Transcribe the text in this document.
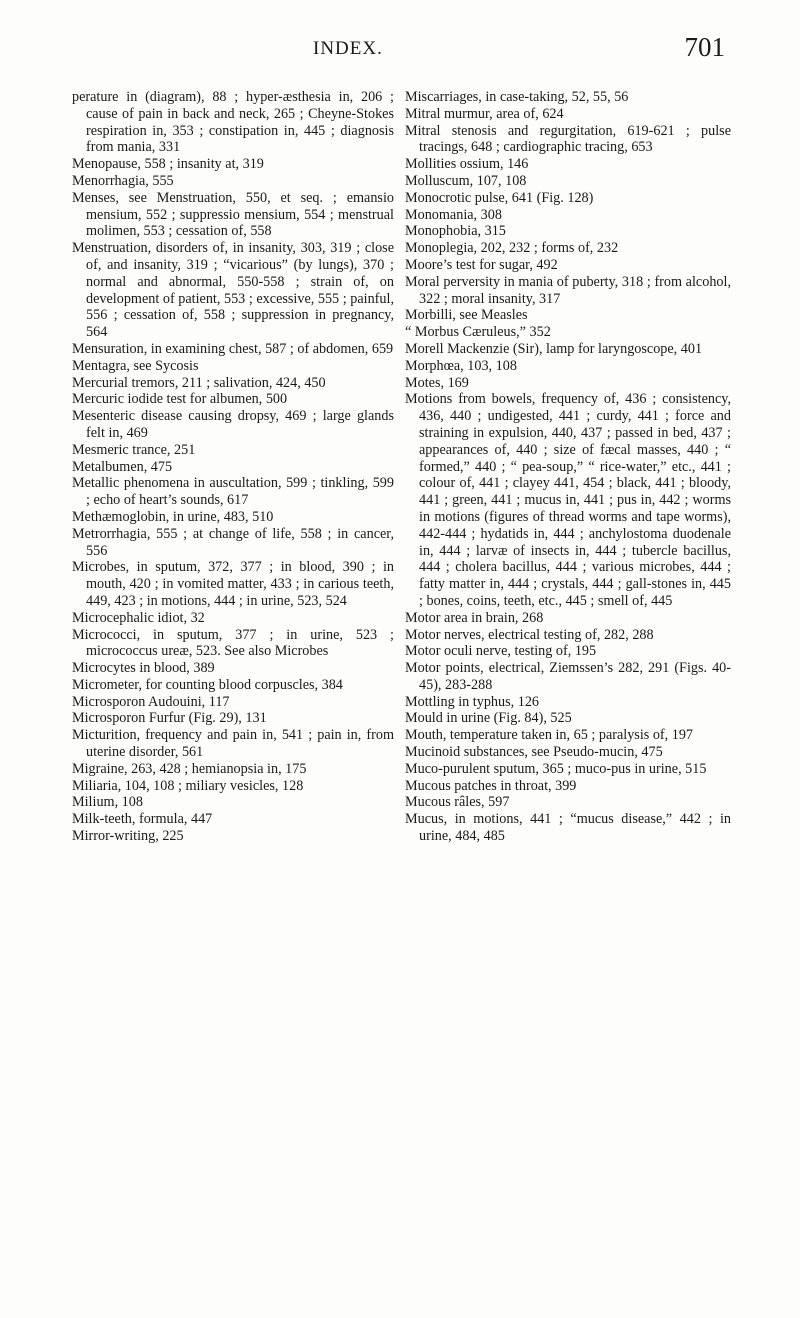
INDEX.	701

perature in (diagram), 88 ; hyper-æsthesia in, 206 ; cause of pain in back and neck, 265 ; Cheyne-Stokes respiration in, 353 ; constipation in, 445 ; diagnosis from mania, 331

Menopause, 558 ; insanity at, 319

Menorrhagia, 555

Menses, see Menstruation, 550, et seq. ; emansio mensium, 552 ; suppressio mensium, 554 ; menstrual molimen, 553 ; cessation of, 558

Menstruation, disorders of, in insanity, 303, 319 ; close of, and insanity, 319 ; “vicarious” (by lungs), 370 ; normal and abnormal, 550-558 ; strain of, on development of patient, 553 ; excessive, 555 ; painful, 556 ; cessation of, 558 ; suppression in pregnancy, 564

Mensuration, in examining chest, 587 ; of abdomen, 659

Mentagra, see Sycosis

Mercurial tremors, 211 ; salivation, 424, 450

Mercuric iodide test for albumen, 500

Mesenteric disease causing dropsy, 469 ; large glands felt in, 469

Mesmeric trance, 251

Metalbumen, 475

Metallic phenomena in auscultation, 599 ; tinkling, 599 ; echo of heart’s sounds, 617

Methæmoglobin, in urine, 483, 510

Metrorrhagia, 555 ; at change of life, 558 ; in cancer, 556

Microbes, in sputum, 372, 377 ; in blood, 390 ; in mouth, 420 ; in vomited matter, 433 ; in carious teeth, 449, 423 ; in motions, 444 ; in urine, 523, 524

Microcephalic idiot, 32

Micrococci, in sputum, 377 ; in urine, 523 ; micrococcus ureæ, 523. See also Microbes

Microcytes in blood, 389

Micrometer, for counting blood corpuscles, 384

Microsporon Audouini, 117

Microsporon Furfur (Fig. 29), 131

Micturition, frequency and pain in, 541 ; pain in, from uterine disorder, 561

Migraine, 263, 428 ; hemianopsia in, 175

Miliaria, 104, 108 ; miliary vesicles, 128

Milium, 108

Milk-teeth, formula, 447

Mirror-writing, 225

Miscarriages, in case-taking, 52, 55, 56

Mitral murmur, area of, 624

Mitral stenosis and regurgitation, 619-621 ; pulse tracings, 648 ; cardiographic tracing, 653

Mollities ossium, 146

Molluscum, 107, 108

Monocrotic pulse, 641 (Fig. 128)

Monomania, 308

Monophobia, 315

Monoplegia, 202, 232 ; forms of, 232

Moore’s test for sugar, 492

Moral perversity in mania of puberty, 318 ; from alcohol, 322 ; moral insanity, 317

Morbilli, see Measles

“ Morbus Cæruleus,” 352

Morell Mackenzie (Sir), lamp for laryngoscope, 401

Morphœa, 103, 108

Motes, 169

Motions from bowels, frequency of, 436 ; consistency, 436, 440 ; undigested, 441 ; curdy, 441 ; force and straining in expulsion, 440, 437 ; passed in bed, 437 ; appearances of, 440 ; size of fæcal masses, 440 ; “ formed,” 440 ; “ pea-soup,” “ rice-water,” etc., 441 ; colour of, 441 ; clayey 441, 454 ; black, 441 ; bloody, 441 ; green, 441 ; mucus in, 441 ; pus in, 442 ; worms in motions (figures of thread worms and tape worms), 442-444 ; hydatids in, 444 ; anchylostoma duodenale in, 444 ; larvæ of insects in, 444 ; tubercle bacillus, 444 ; cholera bacillus, 444 ; various microbes, 444 ; fatty matter in, 444 ; crystals, 444 ; gall-stones in, 445 ; bones, coins, teeth, etc., 445 ; smell of, 445

Motor area in brain, 268

Motor nerves, electrical testing of, 282, 288

Motor oculi nerve, testing of, 195

Motor points, electrical, Ziemssen’s 282, 291 (Figs. 40-45), 283-288

Mottling in typhus, 126

Mould in urine (Fig. 84), 525

Mouth, temperature taken in, 65 ; paralysis of, 197

Mucinoid substances, see Pseudo-mucin, 475

Muco-purulent sputum, 365 ; muco-pus in urine, 515

Mucous patches in throat, 399

Mucous râles, 597

Mucus, in motions, 441 ; “mucus disease,” 442 ; in urine, 484, 485
